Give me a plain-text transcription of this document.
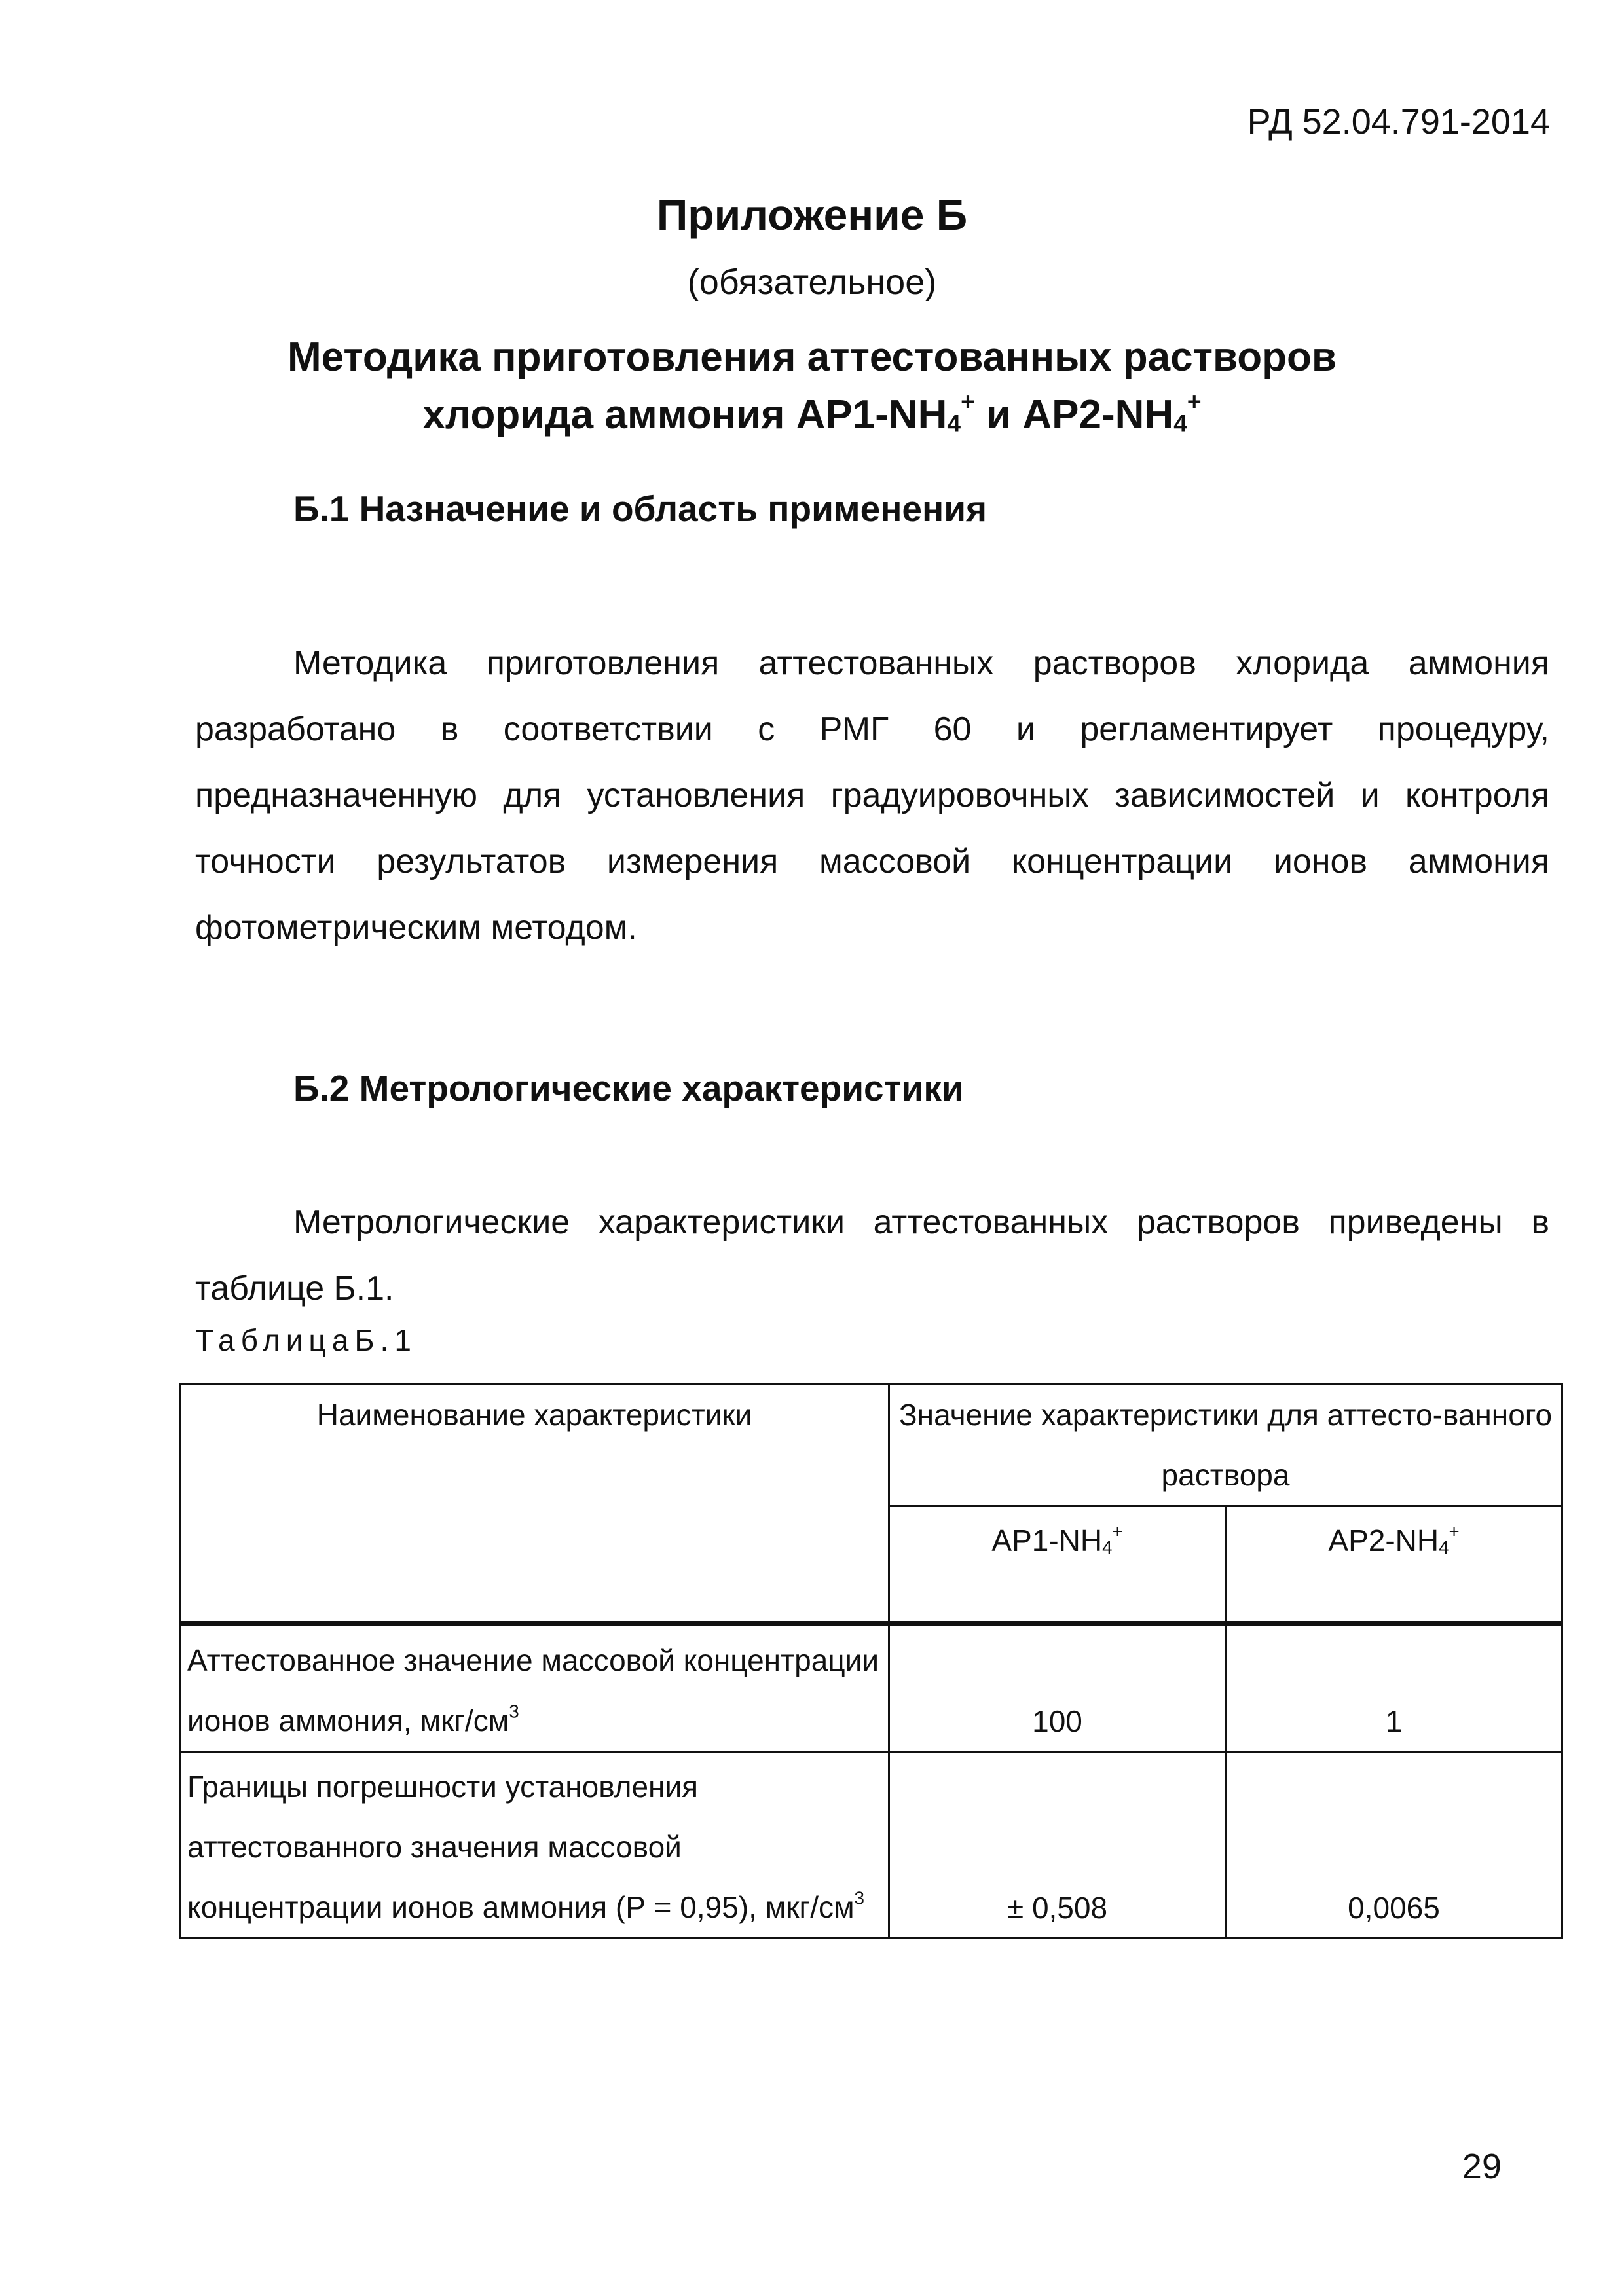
РД 52.04.791-2014
Приложение Б
(обязательное)
Методика приготовления аттестованных растворов
хлорида аммония $АР1-NH_4^+$ и $АР2-NH_4^+$
Б.1 Назначение и область применения

Методика приготовления аттестованных растворов хлорида аммония разработано в соответствии с РМГ 60 и регламентирует процедуру, предназначенную для установления градуировочных зависимостей и контроля точности результатов измерения массовой концентрации ионов аммония фотометрическим методом.

Б.2 Метрологические характеристики

Метрологические характеристики аттестованных растворов приведены в таблице Б.1.

ТаблицаБ.1
Наименование характеристики	Значение характеристики для аттесто-ванного раствора	
	$АР1-NH_4^+$	$АР2-NH_4^+$
Аттестованное значение массовой концентрации ионов аммония, мкг/$см^3$	100	1
Границы погрешности установления аттестованного значения массовой концентрации ионов аммония (Р = 0,95), мкг/$см^3$	± 0,508	0,0065
29
